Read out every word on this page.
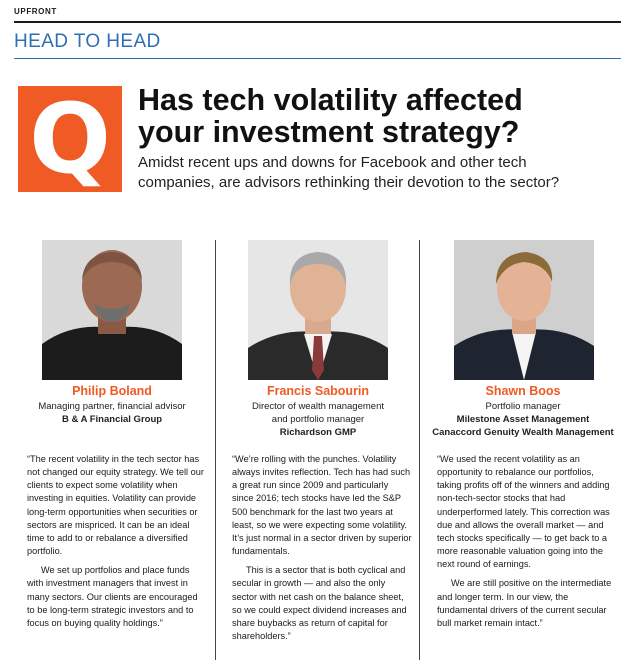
UPFRONT
HEAD TO HEAD
Q Has tech volatility affected
your investment strategy?
Amidst recent ups and downs for Facebook and other tech
companies, are advisors rethinking their devotion to the sector?
Philip Boland
Managing partner, financial advisor
B & A Financial Group

“The recent volatility in the tech sector has not changed our equity strategy. We tell our clients to expect some volatility when investing in equities. Volatility can provide long-term opportunities when securities or sectors are mispriced. It can be an ideal time to add to or rebalance a diversified portfolio.

We set up portfolios and place funds with investment managers that invest in many sectors. Our clients are encouraged to be long-term strategic investors and to focus on buying quality holdings.”

Francis Sabourin
Director of wealth management
and portfolio manager
Richardson GMP

“We’re rolling with the punches. Volatility always invites reflection. Tech has had such a great run since 2009 and particularly since 2016; tech stocks have led the S&P 500 benchmark for the last two years at least, so we were expecting some volatility. It’s just normal in a sector driven by superior fundamentals.

This is a sector that is both cyclical and secular in growth — and also the only sector with net cash on the balance sheet, so we could expect dividend increases and share buybacks as return of capital for shareholders.”

Shawn Boos
Portfolio manager
Milestone Asset Management
Canaccord Genuity Wealth Management

“We used the recent volatility as an opportunity to rebalance our portfolios, taking profits off of the winners and adding non-tech-sector stocks that had underperformed lately. This correction was due and allows the overall market — and tech stocks specifically — to get back to a more reasonable valuation going into the next round of earnings.

We are still positive on the intermediate and longer term. In our view, the fundamental drivers of the current secular bull market remain intact.”
